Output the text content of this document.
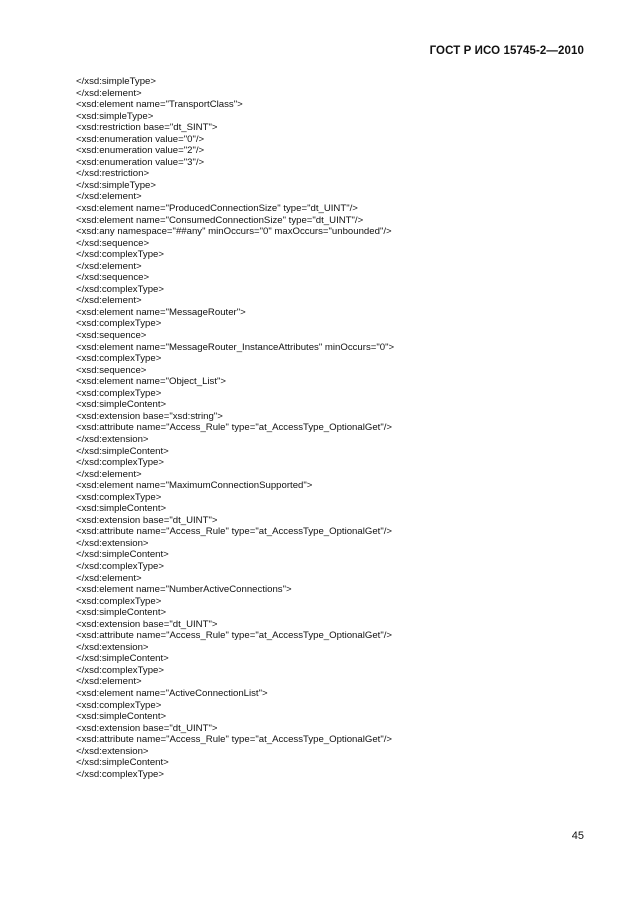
ГОСТ Р ИСО 15745-2—2010
</xsd:simpleType>
</xsd:element>
<xsd:element name="TransportClass">
<xsd:simpleType>
<xsd:restriction base="dt_SINT">
<xsd:enumeration value="0"/>
<xsd:enumeration value="2"/>
<xsd:enumeration value="3"/>
</xsd:restriction>
</xsd:simpleType>
</xsd:element>
<xsd:element name="ProducedConnectionSize" type="dt_UINT"/>
<xsd:element name="ConsumedConnectionSize" type="dt_UINT"/>
<xsd:any namespace="##any" minOccurs="0" maxOccurs="unbounded"/>
</xsd:sequence>
</xsd:complexType>
</xsd:element>
</xsd:sequence>
</xsd:complexType>
</xsd:element>
<xsd:element name="MessageRouter">
<xsd:complexType>
<xsd:sequence>
<xsd:element name="MessageRouter_InstanceAttributes" minOccurs="0">
<xsd:complexType>
<xsd:sequence>
<xsd:element name="Object_List">
<xsd:complexType>
<xsd:simpleContent>
<xsd:extension base="xsd:string">
<xsd:attribute name="Access_Rule" type="at_AccessType_OptionalGet"/>
</xsd:extension>
</xsd:simpleContent>
</xsd:complexType>
</xsd:element>
<xsd:element name="MaximumConnectionSupported">
<xsd:complexType>
<xsd:simpleContent>
<xsd:extension base="dt_UINT">
<xsd:attribute name="Access_Rule" type="at_AccessType_OptionalGet"/>
</xsd:extension>
</xsd:simpleContent>
</xsd:complexType>
</xsd:element>
<xsd:element name="NumberActiveConnections">
<xsd:complexType>
<xsd:simpleContent>
<xsd:extension base="dt_UINT">
<xsd:attribute name="Access_Rule" type="at_AccessType_OptionalGet"/>
</xsd:extension>
</xsd:simpleContent>
</xsd:complexType>
</xsd:element>
<xsd:element name="ActiveConnectionList">
<xsd:complexType>
<xsd:simpleContent>
<xsd:extension base="dt_UINT">
<xsd:attribute name="Access_Rule" type="at_AccessType_OptionalGet"/>
</xsd:extension>
</xsd:simpleContent>
</xsd:complexType>
45
